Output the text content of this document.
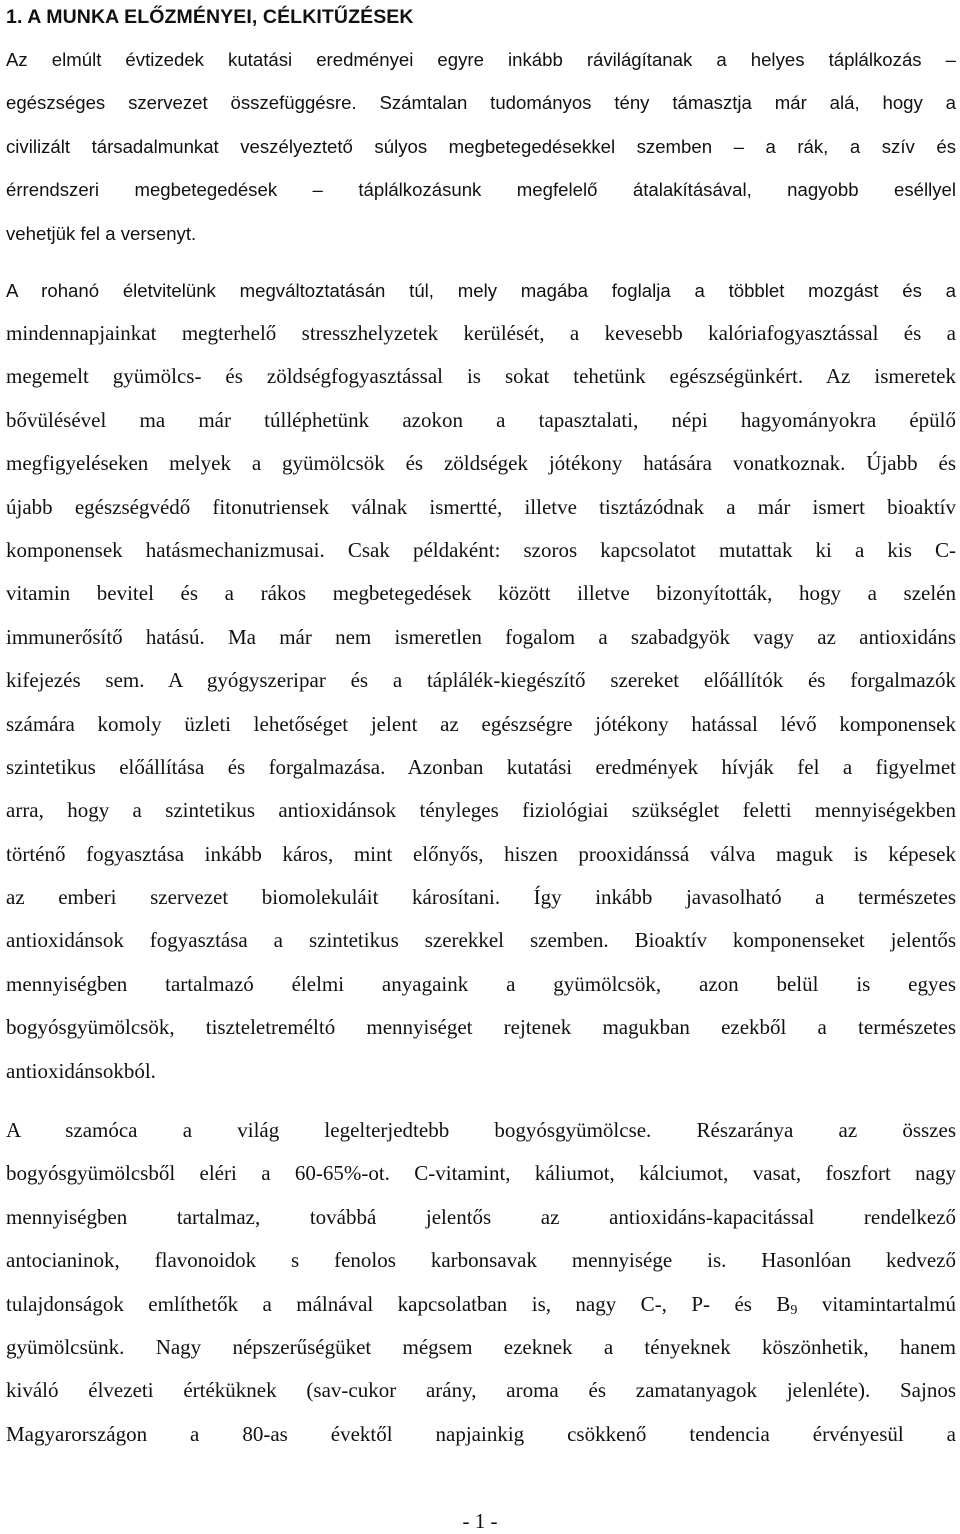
1. A MUNKA ELŐZMÉNYEI, CÉLKITŰZÉSEK
Az elmúlt évtizedek kutatási eredményei egyre inkább rávilágítanak a helyes táplálkozás –
egészséges szervezet összefüggésre. Számtalan tudományos tény támasztja már alá, hogy a
civilizált társadalmunkat veszélyeztető súlyos megbetegedésekkel szemben – a rák, a szív és
érrendszeri megbetegedések – táplálkozásunk megfelelő átalakításával, nagyobb eséllyel
vehetjük fel a versenyt.
A rohanó életvitelünk megváltoztatásán túl, mely magába foglalja a többlet mozgást és a
mindennapjainkat megterhelő stresszhelyzetek kerülését, a kevesebb kalóriafogyasztással és a
megemelt gyümölcs- és zöldségfogyasztással is sokat tehetünk egészségünkért. Az ismeretek
bővülésével ma már túlléphetünk azokon a tapasztalati, népi hagyományokra épülő
megfigyeléseken melyek a gyümölcsök és zöldségek jótékony hatására vonatkoznak. Újabb és
újabb egészségvédő fitonutriensek válnak ismertté, illetve tisztázódnak a már ismert bioaktív
komponensek hatásmechanizmusai. Csak példaként: szoros kapcsolatot mutattak ki a kis C-
vitamin bevitel és a rákos megbetegedések között illetve bizonyították, hogy a szelén
immunerősítő hatású. Ma már nem ismeretlen fogalom a szabadgyök vagy az antioxidáns
kifejezés sem. A gyógyszeripar és a táplálék-kiegészítő szereket előállítók és forgalmazók
számára komoly üzleti lehetőséget jelent az egészségre jótékony hatással lévő komponensek
szintetikus előállítása és forgalmazása. Azonban kutatási eredmények hívják fel a figyelmet
arra, hogy a szintetikus antioxidánsok tényleges fiziológiai szükséglet feletti mennyiségekben
történő fogyasztása inkább káros, mint előnyős, hiszen prooxidánssá válva maguk is képesek
az emberi szervezet biomolekuláit károsítani. Így inkább javasolható a természetes
antioxidánsok fogyasztása a szintetikus szerekkel szemben. Bioaktív komponenseket jelentős
mennyiségben tartalmazó élelmi anyagaink a gyümölcsök, azon belül is egyes
bogyósgyümölcsök, tiszteletreméltó mennyiséget rejtenek magukban ezekből a természetes
antioxidánsokból.
A szamóca a világ legelterjedtebb bogyósgyümölcse. Részaránya az összes
bogyósgyümölcsből eléri a 60-65%-ot. C-vitamint, káliumot, kálciumot, vasat, foszfort nagy
mennyiségben tartalmaz, továbbá jelentős az antioxidáns-kapacitással rendelkező
antocianinok, flavonoidok s fenolos karbonsavak mennyisége is. Hasonlóan kedvező
tulajdonságok említhetők a málnával kapcsolatban is, nagy C-, P- és $B_9$ vitamintartalmú
gyümölcsünk. Nagy népszerűségüket mégsem ezeknek a tényeknek köszönhetik, hanem
kiváló élvezeti értéküknek (sav-cukor arány, aroma és zamatanyagok jelenléte). Sajnos
Magyarországon a 80-as évektől napjainkig csökkenő tendencia érvényesül a
- 1 -
